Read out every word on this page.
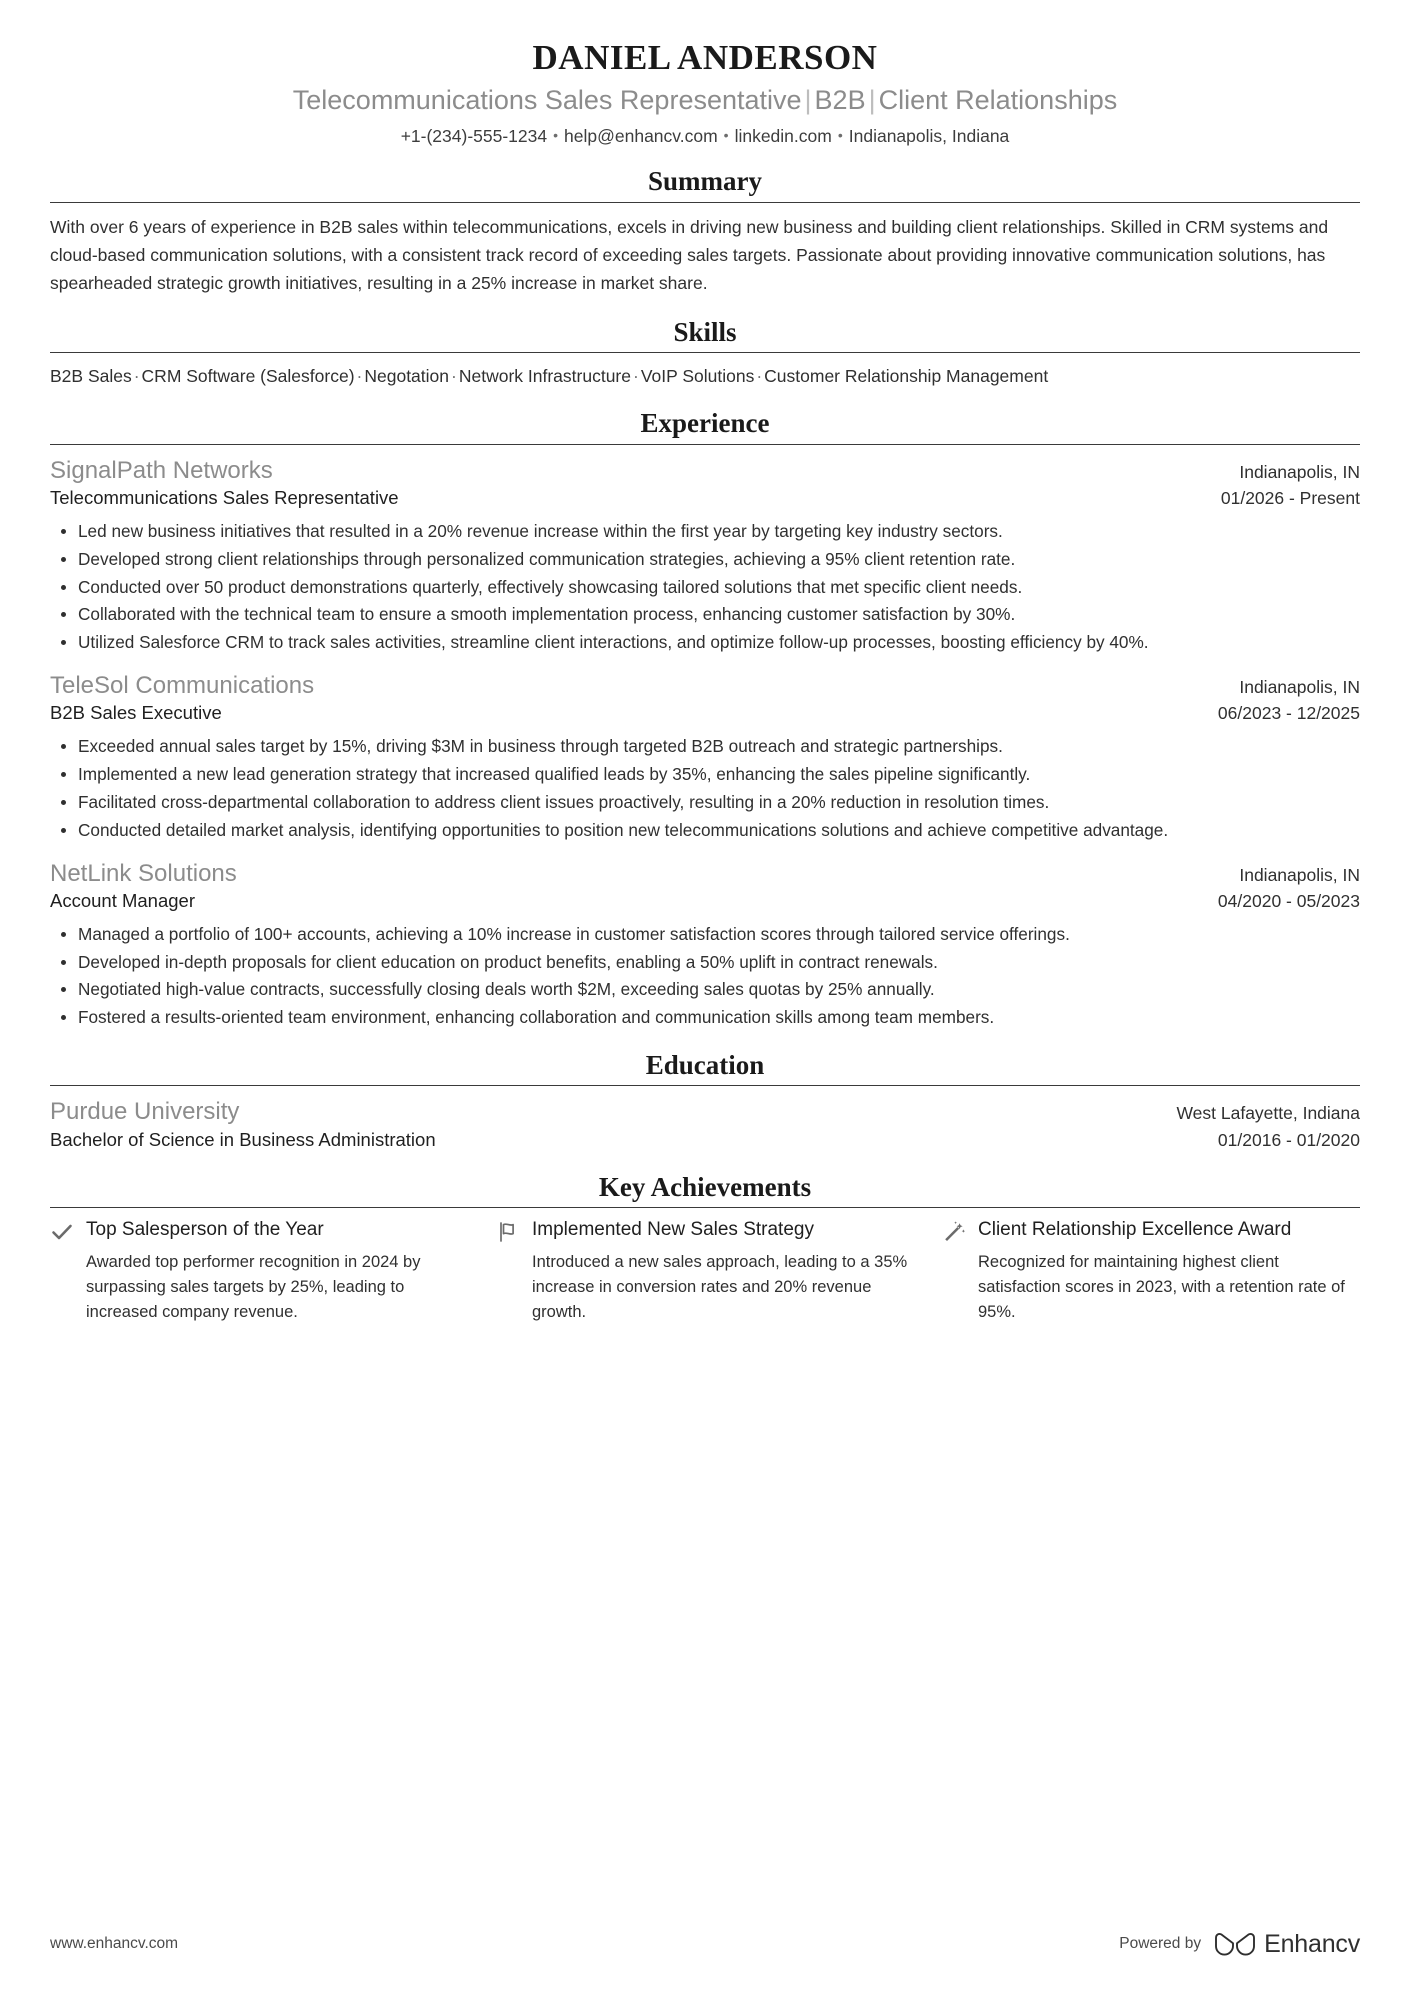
DANIEL ANDERSON
Telecommunications Sales Representative | B2B | Client Relationships
+1-(234)-555-1234 • help@enhancv.com • linkedin.com • Indianapolis, Indiana
Summary

With over 6 years of experience in B2B sales within telecommunications, excels in driving new business and building client relationships. Skilled in CRM systems and cloud-based communication solutions, with a consistent track record of exceeding sales targets. Passionate about providing innovative communication solutions, has spearheaded strategic growth initiatives, resulting in a 25% increase in market share.

Skills
B2B Sales · CRM Software (Salesforce) · Negotation · Network Infrastructure · VoIP Solutions · Customer Relationship Management
Experience
SignalPath Networks	Indianapolis, IN
Telecommunications Sales Representative	01/2026 - Present
Led new business initiatives that resulted in a 20% revenue increase within the first year by targeting key industry sectors.
Developed strong client relationships through personalized communication strategies, achieving a 95% client retention rate.
Conducted over 50 product demonstrations quarterly, effectively showcasing tailored solutions that met specific client needs.
Collaborated with the technical team to ensure a smooth implementation process, enhancing customer satisfaction by 30%.
Utilized Salesforce CRM to track sales activities, streamline client interactions, and optimize follow-up processes, boosting efficiency by 40%.
TeleSol Communications	Indianapolis, IN
B2B Sales Executive	06/2023 - 12/2025
Exceeded annual sales target by 15%, driving $3M in business through targeted B2B outreach and strategic partnerships.
Implemented a new lead generation strategy that increased qualified leads by 35%, enhancing the sales pipeline significantly.
Facilitated cross-departmental collaboration to address client issues proactively, resulting in a 20% reduction in resolution times.
Conducted detailed market analysis, identifying opportunities to position new telecommunications solutions and achieve competitive advantage.
NetLink Solutions	Indianapolis, IN
Account Manager	04/2020 - 05/2023
Managed a portfolio of 100+ accounts, achieving a 10% increase in customer satisfaction scores through tailored service offerings.
Developed in-depth proposals for client education on product benefits, enabling a 50% uplift in contract renewals.
Negotiated high-value contracts, successfully closing deals worth $2M, exceeding sales quotas by 25% annually.
Fostered a results-oriented team environment, enhancing collaboration and communication skills among team members.
Education
Purdue University	West Lafayette, Indiana
Bachelor of Science in Business Administration	01/2016 - 01/2020
Key Achievements
Top Salesperson of the Year
Awarded top performer recognition in 2024 by surpassing sales targets by 25%, leading to increased company revenue.
Implemented New Sales Strategy
Introduced a new sales approach, leading to a 35% increase in conversion rates and 20% revenue growth.
Client Relationship Excellence Award
Recognized for maintaining highest client satisfaction scores in 2023, with a retention rate of 95%.
www.enhancv.com	Powered by	Enhancv
